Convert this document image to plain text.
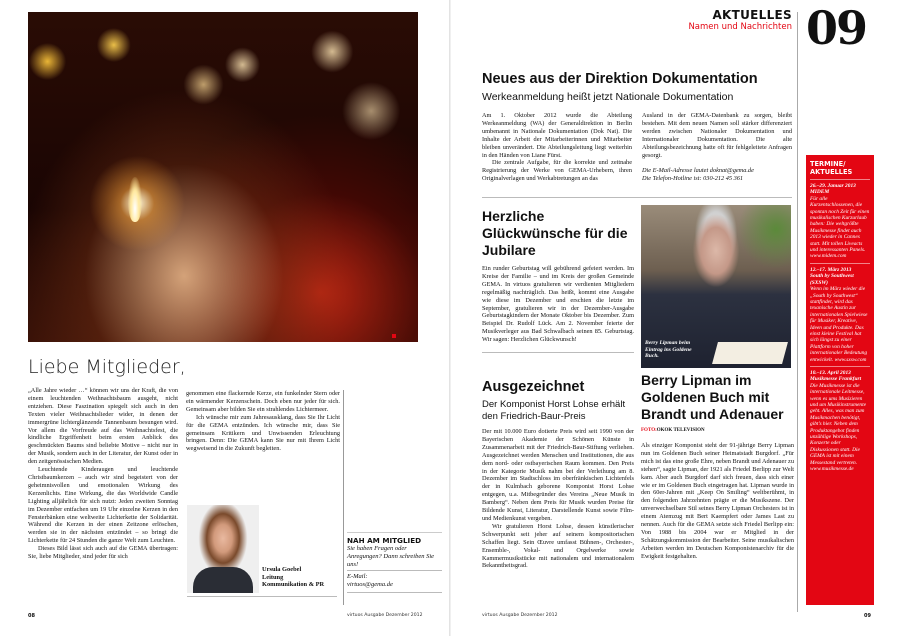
Liebe Mitglieder,

„Alle Jahre wieder …“ können wir uns der Kraft, die von einem leuchtenden Weihnachtsbaum ausgeht, nicht entziehen. Diese Faszination spiegelt sich auch in den Texten vieler Weihnachtslieder wider, in denen der immergrüne lichterglänzende Tannenbaum besungen wird. Vor allem die Vorfreude auf das Weihnachtsfest, die kindliche Ergriffenheit beim ersten Anblick des geschmückten Baums sind beliebte Motive – nicht nur in der Musik, sondern auch in der Literatur, der Kunst oder in den zeitgenössischen Medien.

Leuchtende Kinderaugen und leuchtende Christbaumkerzen – auch wir sind begeistert von der geheimnisvollen und emotionalen Wirkung des Kerzenlichts. Eine Wirkung, die das Worldwide Candle Lighting alljährlich für sich nutzt: Jeden zweiten Sonntag im Dezember entfachen um 19 Uhr einzelne Kerzen in den Fensterbänken eine weltweite Lichterkette der Solidarität. Während die Kerzen in der einen Zeitzone erlöschen, werden sie in der nächsten entzündet – so bringt die Lichterkette für 24 Stunden die ganze Welt zum Leuchten.

Dieses Bild lässt sich auch auf die GEMA übertragen: Sie, liebe Mitglieder, sind jeder für sich

genommen eine flackernde Kerze, ein funkelnder Stern oder ein wärmender Kerzenschein. Doch eben nur jeder für sich. Gemeinsam aber bilden Sie ein strahlendes Lichtermeer.

Ich wünsche mir zum Jahresausklang, dass Sie Ihr Licht für die GEMA entzünden. Ich wünsche mir, dass Sie gemeinsam Kritikern und Unwissenden Erleuchtung bringen. Denn: Die GEMA kann Sie nur mit Ihrem Licht wegweisend in die Zukunft begleiten.

Ursula Goebel
Leitung
Kommunikation & PR
NAH AM MITGLIED
Sie haben Fragen oder Anregungen? Dann schreiben Sie uns!
E-Mail:
virtuos@gema.de
08	virtuos Ausgabe Dezember 2012
AKTUELLES
Namen und Nachrichten 09
Neues aus der Direktion Dokumentation
Werkeanmeldung heißt jetzt Nationale Dokumentation

Am 1. Oktober 2012 wurde die Abteilung Werkeanmeldung (WA) der Generaldirektion in Berlin umbenannt in Nationale Dokumentation (Dok Nat). Die Inhalte der Arbeit der Mitarbeiterinnen und Mitarbeiter bleiben unverändert. Die Abteilungsleitung liegt weiterhin in den Händen von Liane Fürst.

Die zentrale Aufgabe, für die korrekte und zeitnahe Registrierung der Werke von GEMA-Urhebern, ihren Originalverlagen und Werkabtretungen an das

Ausland in der GEMA-Datenbank zu sorgen, bleibt bestehen. Mit dem neuen Namen soll stärker differenziert werden zwischen Nationaler Dokumentation und Internationaler Dokumentation. Die alte Abteilungsbezeichnung hatte oft für fehlgeleitete Anfragen gesorgt.

Die E-Mail-Adresse lautet doknat@gema.de

Die Telefon-Hotline ist: 030-212 45 361

Herzliche Glückwünsche für die Jubilare

Ein runder Geburtstag will gebührend gefeiert werden. Im Kreise der Familie – und im Kreis der großen Gemeinde GEMA. In virtuos gratulieren wir verdienten Mitgliedern regelmäßig nachträglich. Das heißt, kommt eine Ausgabe wie diese im Dezember und erschien die letzte im September, gratulieren wir in der Dezember-Ausgabe Geburtstagkindern der Monate Oktober bis Dezember. Zum Beispiel Dr. Rudolf Lück. Am 2. November feierte der Musikverleger aus Bad Schwalbach seinen 85. Geburtstag. Wir sagen: Herzlichen Glückwunsch!

Berry Lipman beim Eintrag ins Goldene Buch.
Ausgezeichnet
Der Komponist Horst Lohse erhält den Friedrich-Baur-Preis

Der mit 10.000 Euro dotierte Preis wird seit 1990 von der Bayerischen Akademie der Schönen Künste in Zusammenarbeit mit der Friedrich-Baur-Stiftung verliehen. Ausgezeichnet werden Menschen und Institutionen, die aus dem nord- oder ostbayerischen Raum kommen. Den Preis in der Kategorie Musik nahm bei der Verleihung am 8. Dezember im Stadtschloss im oberfränkischen Lichtenfels der in Kulmbach geborene Komponist Horst Lohse entgegen, u.a. Mitbegründer des Vereins „Neue Musik in Bamberg“. Neben dem Preis für Musik wurden Preise für Bildende Kunst, Literatur, Darstellende Kunst sowie Film- und Medienkunst vergeben.

Wir gratulieren Horst Lohse, dessen künstlerischer Schwerpunkt seit jeher auf seinem kompositorischen Schaffen liegt. Sein Œuvre umfasst Bühnen-, Orchester-, Ensemble-, Vokal- und Orgelwerke sowie Kammermusikstücke mit nationalem und internationalem Bekanntheitsgrad.

Berry Lipman im Goldenen Buch mit Brandt und Adenauer
FOTO:OKOK TELEVISION

Als einziger Komponist steht der 91-jährige Berry Lipman nun im Goldenen Buch seiner Heimatstadt Burgdorf. „Für mich ist das eine große Ehre, neben Brandt und Adenauer zu stehen“, sagte Lipman, der 1921 als Friedel Berlipp zur Welt kam. Aber auch Burgdorf darf sich freuen, dass sich einer wie er im Goldenen Buch eingetragen hat. Lipman wurde in den 60er-Jahren mit „Keep On Smiling“ weltberühmt, in den folgenden Jahrzehnten prägte er die Musikszene. Der unverwechselbare Stil seines Berry Lipman Orchesters ist in einem Atemzug mit Bert Kaempfert oder James Last zu nennen. Auch für die GEMA setzte sich Friedel Berlipp ein: Von 1988 bis 2004 war er Mitglied in der Schätzungskommission der Bearbeiter. Seine musikalischen Arbeiten werden im Deutschen Komponistenarchiv für die Ewigkeit festgehalten.

TERMINE/ AKTUELLES
26.–29. Januar 2013
MIDEM
Für alle Kurzentschlossenen, die spontan noch Zeit für einen musikalischen Kurzurlaub haben: Die weltgrößte Musikmesse findet auch 2013 wieder in Cannes statt. Mit tollen Liveacts und interessanten Panels. www.midem.com
12.–17. März 2013
South by Southwest (SXSW)
Wenn im März wieder die „South by Southwest“ stattfindet, wird das texanische Austin zur internationalen Spielwiese für Musiker, Kreative, Ideen und Produkte. Das einst kleine Festival hat sich längst zu einer Plattform von hoher internationaler Bedeutung entwickelt. www.sxsw.com
10.–13. April 2013
Musikmesse Frankfurt
Die Musikmesse ist die internationale Leitmesse, wenn es ums Musizieren und um Musikinstrumente geht. Alles, was man zum Musikmachen benötigt, gibt’s hier. Neben dem Produktangebot finden unzählige Workshops, Konzerte oder Diskussionen statt. Die GEMA ist mit einem Messestand vertreten. www.musikmesse.de
virtuos Ausgabe Dezember 2012	09
